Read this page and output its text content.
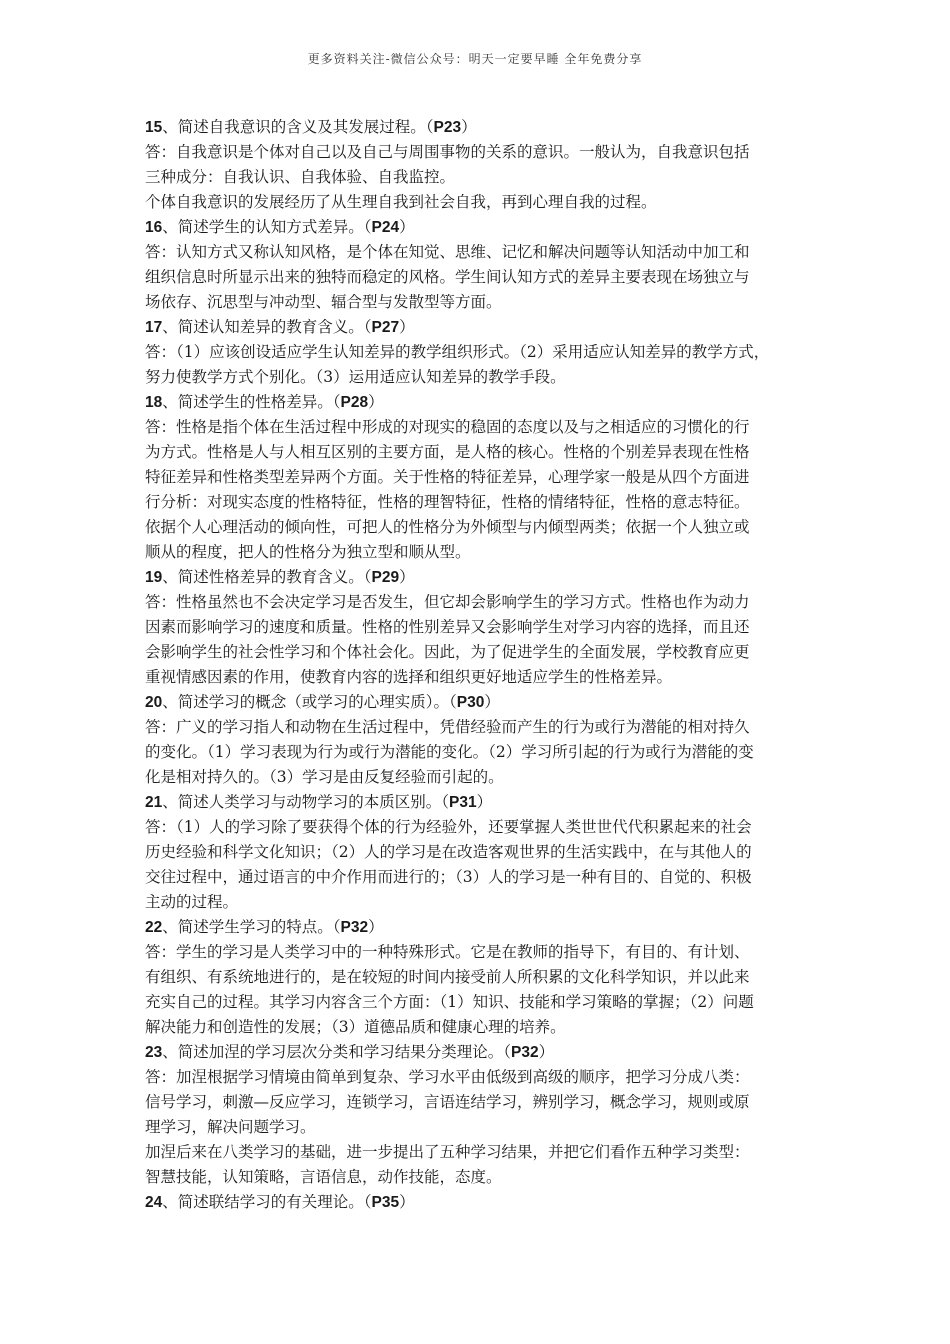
更多资料关注-微信公众号：明天一定要早睡 全年免费分享
15、简述自我意识的含义及其发展过程。（P23）
答：自我意识是个体对自己以及自己与周围事物的关系的意识。一般认为，自我意识包括
三种成分：自我认识、自我体验、自我监控。
个体自我意识的发展经历了从生理自我到社会自我，再到心理自我的过程。
16、简述学生的认知方式差异。（P24）
答：认知方式又称认知风格，是个体在知觉、思维、记忆和解决问题等认知活动中加工和
组织信息时所显示出来的独特而稳定的风格。学生间认知方式的差异主要表现在场独立与
场依存、沉思型与冲动型、辐合型与发散型等方面。
17、简述认知差异的教育含义。（P27）
答：（1）应该创设适应学生认知差异的教学组织形式。（2）采用适应认知差异的教学方式，
努力使教学方式个别化。（3）运用适应认知差异的教学手段。
18、简述学生的性格差异。（P28）
答：性格是指个体在生活过程中形成的对现实的稳固的态度以及与之相适应的习惯化的行
为方式。性格是人与人相互区别的主要方面，是人格的核心。性格的个别差异表现在性格
特征差异和性格类型差异两个方面。关于性格的特征差异，心理学家一般是从四个方面进
行分析：对现实态度的性格特征，性格的理智特征，性格的情绪特征，性格的意志特征。
依据个人心理活动的倾向性，可把人的性格分为外倾型与内倾型两类；依据一个人独立或
顺从的程度，把人的性格分为独立型和顺从型。
19、简述性格差异的教育含义。（P29）
答：性格虽然也不会决定学习是否发生，但它却会影响学生的学习方式。性格也作为动力
因素而影响学习的速度和质量。性格的性别差异又会影响学生对学习内容的选择，而且还
会影响学生的社会性学习和个体社会化。因此，为了促进学生的全面发展，学校教育应更
重视情感因素的作用，使教育内容的选择和组织更好地适应学生的性格差异。
20、简述学习的概念（或学习的心理实质）。（P30）
答：广义的学习指人和动物在生活过程中，凭借经验而产生的行为或行为潜能的相对持久
的变化。（1）学习表现为行为或行为潜能的变化。（2）学习所引起的行为或行为潜能的变
化是相对持久的。（3）学习是由反复经验而引起的。
21、简述人类学习与动物学习的本质区别。（P31）
答：（1）人的学习除了要获得个体的行为经验外，还要掌握人类世世代代积累起来的社会
历史经验和科学文化知识；（2）人的学习是在改造客观世界的生活实践中，在与其他人的
交往过程中，通过语言的中介作用而进行的；（3）人的学习是一种有目的、自觉的、积极
主动的过程。
22、简述学生学习的特点。（P32）
答：学生的学习是人类学习中的一种特殊形式。它是在教师的指导下，有目的、有计划、
有组织、有系统地进行的，是在较短的时间内接受前人所积累的文化科学知识，并以此来
充实自己的过程。其学习内容含三个方面：（1）知识、技能和学习策略的掌握；（2）问题
解决能力和创造性的发展；（3）道德品质和健康心理的培养。
23、简述加涅的学习层次分类和学习结果分类理论。（P32）
答：加涅根据学习情境由简单到复杂、学习水平由低级到高级的顺序，把学习分成八类：
信号学习，刺激—反应学习，连锁学习，言语连结学习，辨别学习，概念学习，规则或原
理学习，解决问题学习。
加涅后来在八类学习的基础，进一步提出了五种学习结果，并把它们看作五种学习类型：
智慧技能，认知策略，言语信息，动作技能，态度。
24、简述联结学习的有关理论。（P35）
